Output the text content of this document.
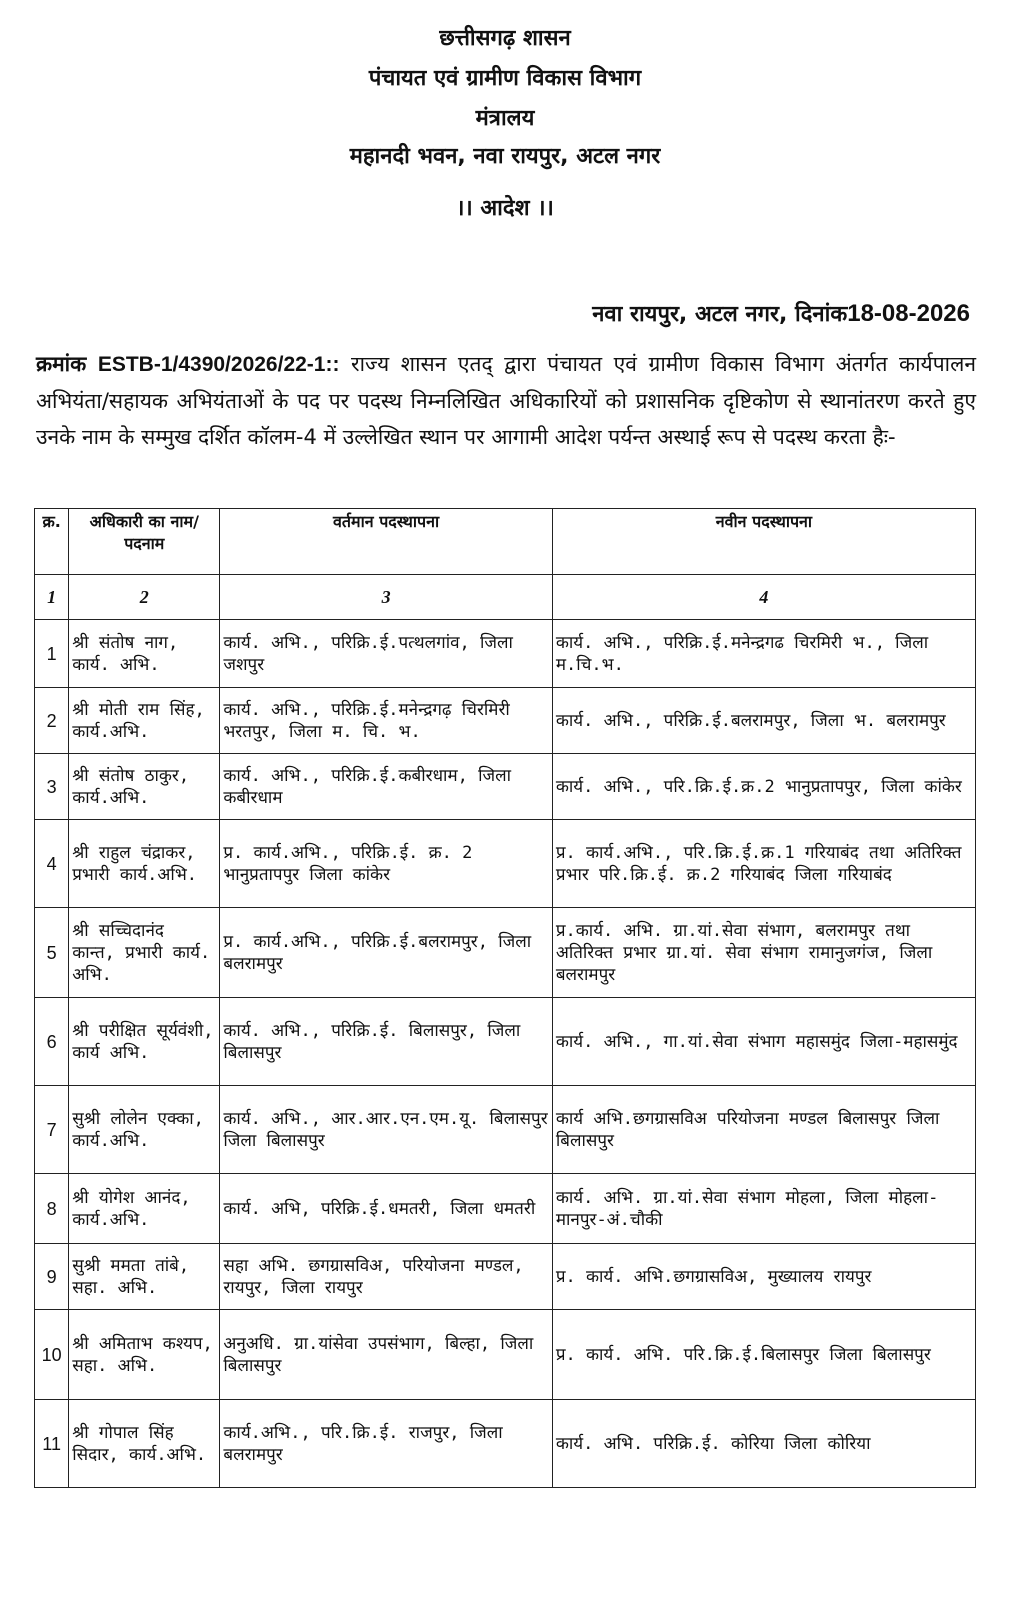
छत्तीसगढ़ शासन
पंचायत एवं ग्रामीण विकास विभाग
मंत्रालय
महानदी भवन, नवा रायपुर, अटल नगर
।। आदेश ।।
नवा रायपुर, अटल नगर, दिनांक18-08-2026
क्रमांक ESTB-1/4390/2026/22-1:: राज्य शासन एतद् द्वारा पंचायत एवं ग्रामीण विकास विभाग अंतर्गत कार्यपालन अभियंता/सहायक अभियंताओं के पद पर पदस्थ निम्नलिखित अधिकारियों को प्रशासनिक दृष्टिकोण से स्थानांतरण करते हुए उनके नाम के सम्मुख दर्शित कॉलम-4 में उल्लेखित स्थान पर आगामी आदेश पर्यन्त अस्थाई रूप से पदस्थ करता हैः-
क्र.	अधिकारी का नाम/पदनाम	वर्तमान पदस्थापना	नवीन पदस्थापना
1	2	3	4
1	श्री संतोष नाग, कार्य. अभि.	कार्य. अभि., परिक्रि.ई.पत्थलगांव, जिला जशपुर	कार्य. अभि., परिक्रि.ई.मनेन्द्रगढ चिरमिरी भ., जिला म.चि.भ.
2	श्री मोती राम सिंह, कार्य.अभि.	कार्य. अभि., परिक्रि.ई.मनेन्द्रगढ़ चिरमिरी भरतपुर, जिला म. चि. भ.	कार्य. अभि., परिक्रि.ई.बलरामपुर, जिला भ. बलरामपुर
3	श्री संतोष ठाकुर, कार्य.अभि.	कार्य. अभि., परिक्रि.ई.कबीरधाम, जिला कबीरधाम	कार्य. अभि., परि.क्रि.ई.क्र.2 भानुप्रतापपुर, जिला कांकेर
4	श्री राहुल चंद्राकर, प्रभारी कार्य.अभि.	प्र. कार्य.अभि., परिक्रि.ई. क्र. 2 भानुप्रतापपुर जिला कांकेर	प्र. कार्य.अभि., परि.क्रि.ई.क्र.1 गरियाबंद तथा अतिरिक्त प्रभार परि.क्रि.ई. क्र.2 गरियाबंद जिला गरियाबंद
5	श्री सच्चिदानंद कान्त, प्रभारी कार्य. अभि.	प्र. कार्य.अभि., परिक्रि.ई.बलरामपुर, जिला बलरामपुर	प्र.कार्य. अभि. ग्रा.यां.सेवा संभाग, बलरामपुर तथा अतिरिक्त प्रभार ग्रा.यां. सेवा संभाग रामानुजगंज, जिला बलरामपुर
6	श्री परीक्षित सूर्यवंशी, कार्य अभि.	कार्य. अभि., परिक्रि.ई. बिलासपुर, जिला बिलासपुर	कार्य. अभि., गा.यां.सेवा संभाग महासमुंद जिला-महासमुंद
7	सुश्री लोलेन एक्का, कार्य.अभि.	कार्य. अभि., आर.आर.एन.एम.यू. बिलासपुर जिला बिलासपुर	कार्य अभि.छगग्रासविअ परियोजना मण्डल बिलासपुर जिला बिलासपुर
8	श्री योगेश आनंद, कार्य.अभि.	कार्य. अभि, परिक्रि.ई.धमतरी, जिला धमतरी	कार्य. अभि. ग्रा.यां.सेवा संभाग मोहला, जिला मोहला-मानपुर-अं.चौकी
9	सुश्री ममता तांबे, सहा. अभि.	सहा अभि. छगग्रासविअ, परियोजना मण्डल, रायपुर, जिला रायपुर	प्र. कार्य. अभि.छगग्रासविअ, मुख्यालय रायपुर
10	श्री अमिताभ कश्यप, सहा. अभि.	अनुअधि. ग्रा.यांसेवा उपसंभाग, बिल्हा, जिला बिलासपुर	प्र. कार्य. अभि. परि.क्रि.ई.बिलासपुर जिला बिलासपुर
11	श्री गोपाल सिंह सिदार, कार्य.अभि.	कार्य.अभि., परि.क्रि.ई. राजपुर, जिला बलरामपुर	कार्य. अभि. परिक्रि.ई. कोरिया जिला कोरिया
